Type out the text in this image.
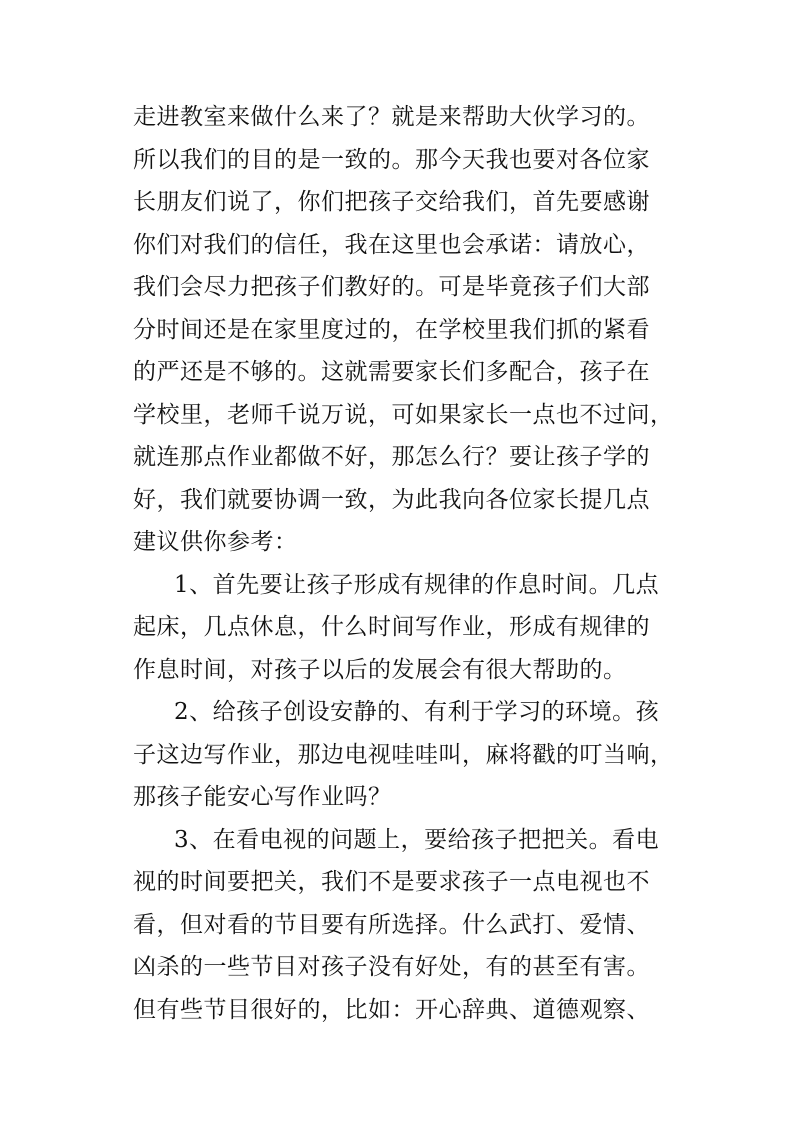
走进教室来做什么来了？就是来帮助大伙学习的。
所以我们的目的是一致的。那今天我也要对各位家
长朋友们说了，你们把孩子交给我们，首先要感谢
你们对我们的信任，我在这里也会承诺：请放心，
我们会尽力把孩子们教好的。可是毕竟孩子们大部
分时间还是在家里度过的，在学校里我们抓的紧看
的严还是不够的。这就需要家长们多配合，孩子在
学校里，老师千说万说，可如果家长一点也不过问，
就连那点作业都做不好，那怎么行？要让孩子学的
好，我们就要协调一致，为此我向各位家长提几点
建议供你参考：
1、首先要让孩子形成有规律的作息时间。几点
起床，几点休息，什么时间写作业，形成有规律的
作息时间，对孩子以后的发展会有很大帮助的。
2、给孩子创设安静的、有利于学习的环境。孩
子这边写作业，那边电视哇哇叫，麻将戳的叮当响，
那孩子能安心写作业吗？
3、在看电视的问题上，要给孩子把把关。看电
视的时间要把关，我们不是要求孩子一点电视也不
看，但对看的节目要有所选择。什么武打、爱情、
凶杀的一些节目对孩子没有好处，有的甚至有害。
但有些节目很好的，比如：开心辞典、道德观察、
